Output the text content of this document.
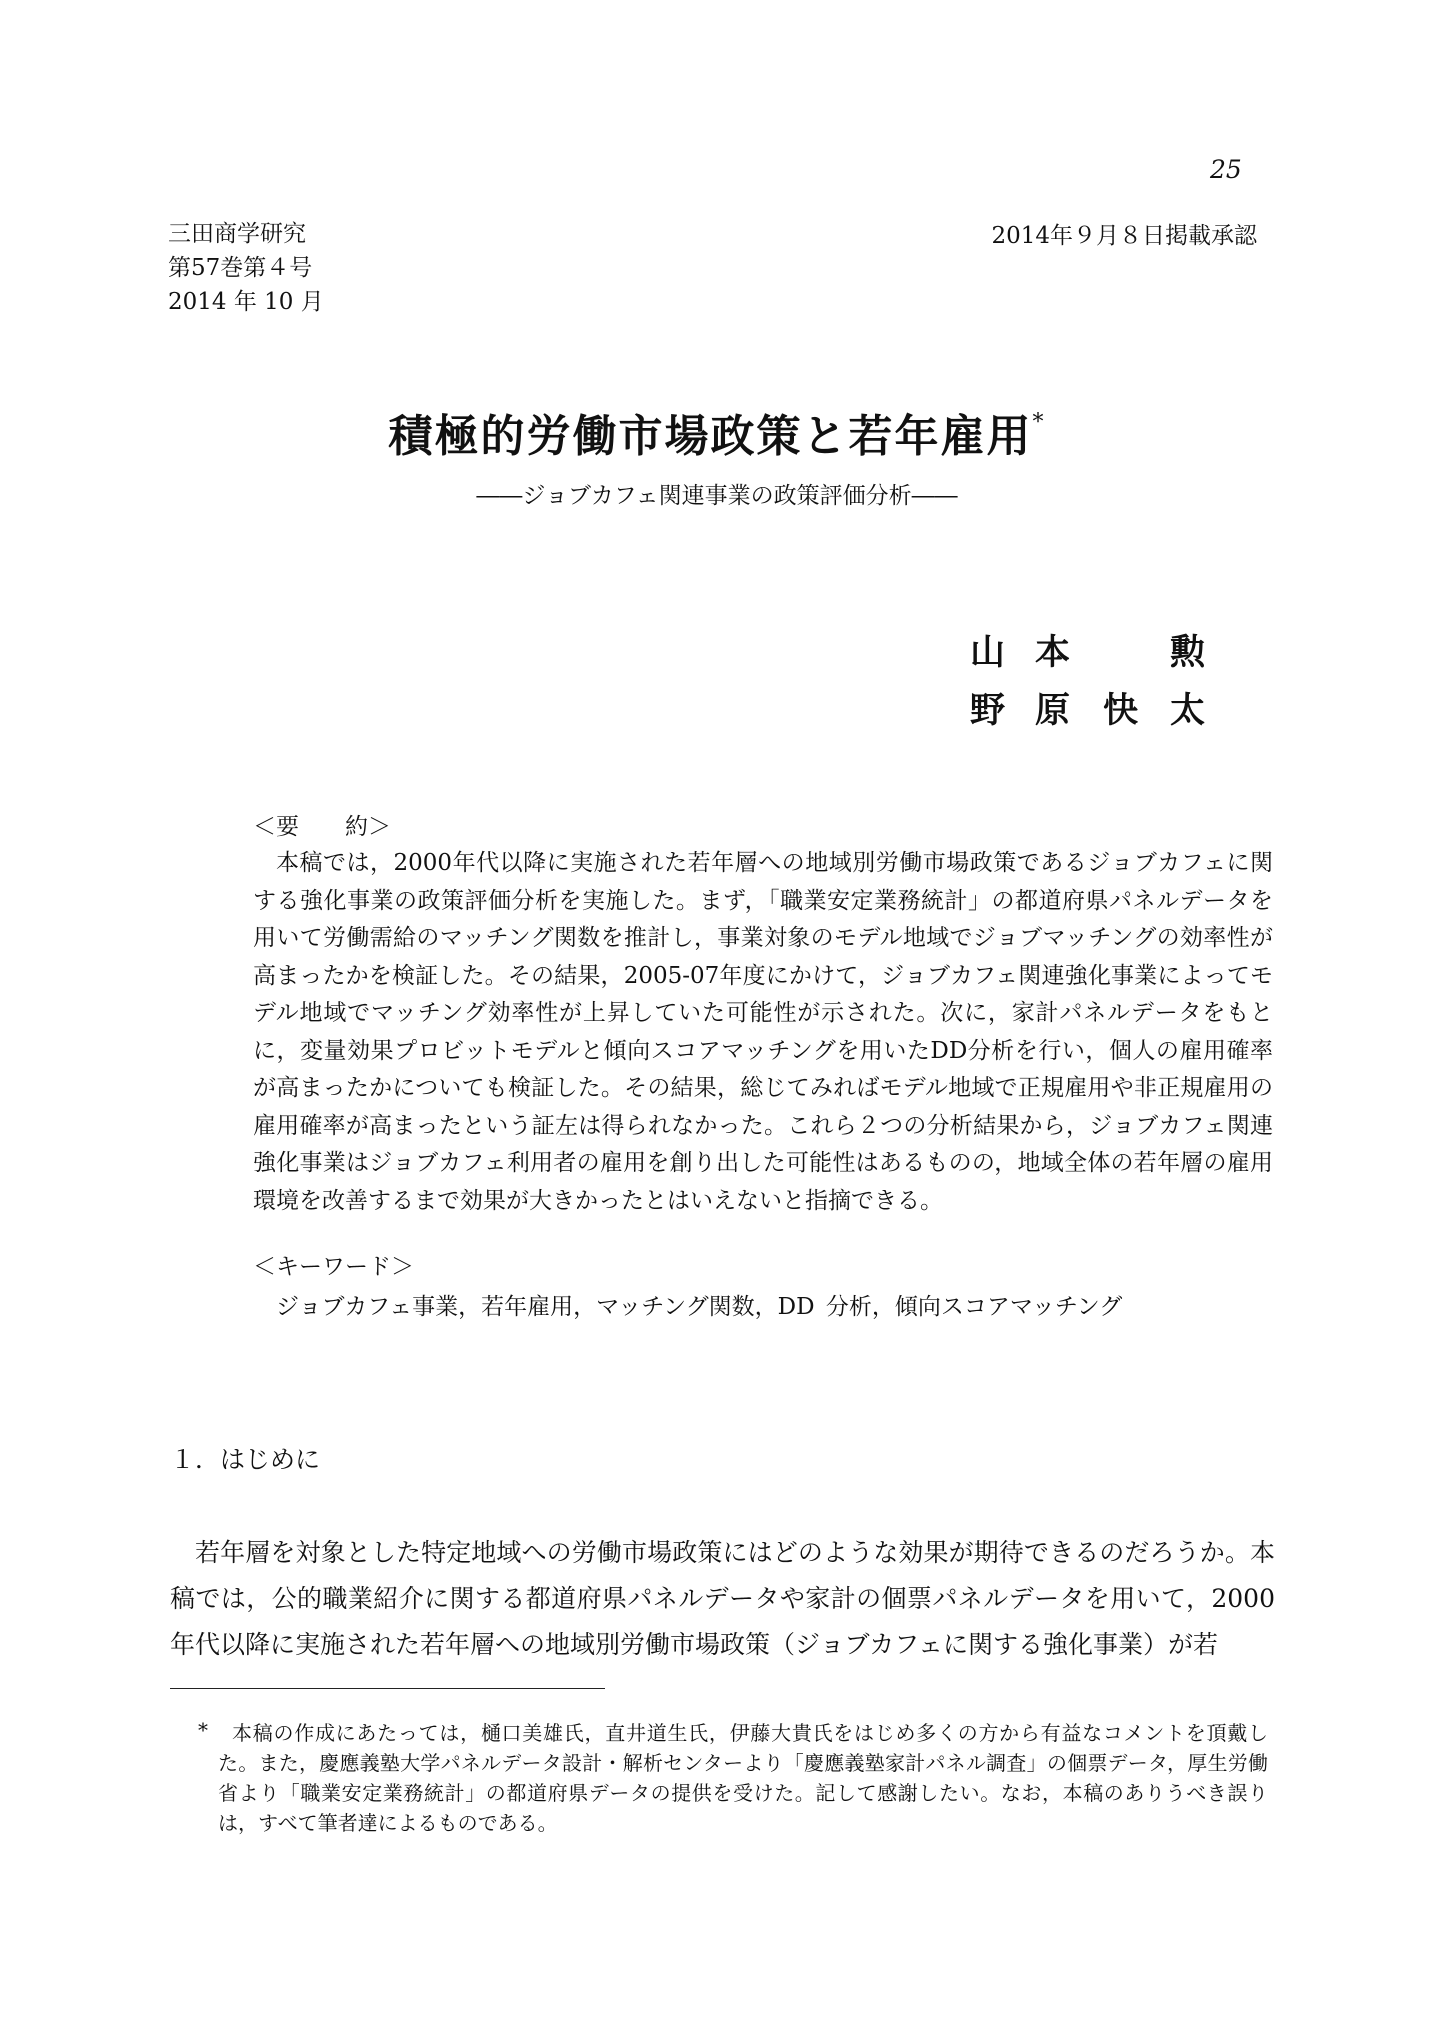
25
三田商学研究
第57巻第４号
2014 年 10 月
2014年９月８日掲載承認
積極的労働市場政策と若年雇用*
――ジョブカフェ関連事業の政策評価分析――
山 本	勲
野 原 快 太
＜要　　約＞
本稿では，2000年代以降に実施された若年層への地域別労働市場政策であるジョブカフェに関する強化事業の政策評価分析を実施した。まず，「職業安定業務統計」の都道府県パネルデータを用いて労働需給のマッチング関数を推計し，事業対象のモデル地域でジョブマッチングの効率性が高まったかを検証した。その結果，2005-07年度にかけて，ジョブカフェ関連強化事業によってモデル地域でマッチング効率性が上昇していた可能性が示された。次に，家計パネルデータをもとに，変量効果プロビットモデルと傾向スコアマッチングを用いたDD分析を行い，個人の雇用確率が高まったかについても検証した。その結果，総じてみればモデル地域で正規雇用や非正規雇用の雇用確率が高まったという証左は得られなかった。これら２つの分析結果から，ジョブカフェ関連強化事業はジョブカフェ利用者の雇用を創り出した可能性はあるものの，地域全体の若年層の雇用環境を改善するまで効果が大きかったとはいえないと指摘できる。
＜キーワード＞
ジョブカフェ事業，若年雇用，マッチング関数，DD 分析，傾向スコアマッチング
１．はじめに
若年層を対象とした特定地域への労働市場政策にはどのような効果が期待できるのだろうか。本稿では，公的職業紹介に関する都道府県パネルデータや家計の個票パネルデータを用いて，2000年代以降に実施された若年層への地域別労働市場政策（ジョブカフェに関する強化事業）が若
*	本稿の作成にあたっては，樋口美雄氏，直井道生氏，伊藤大貴氏をはじめ多くの方から有益なコメントを頂戴した。また，慶應義塾大学パネルデータ設計・解析センターより「慶應義塾家計パネル調査」の個票データ，厚生労働省より「職業安定業務統計」の都道府県データの提供を受けた。記して感謝したい。なお，本稿のありうべき誤りは，すべて筆者達によるものである。
